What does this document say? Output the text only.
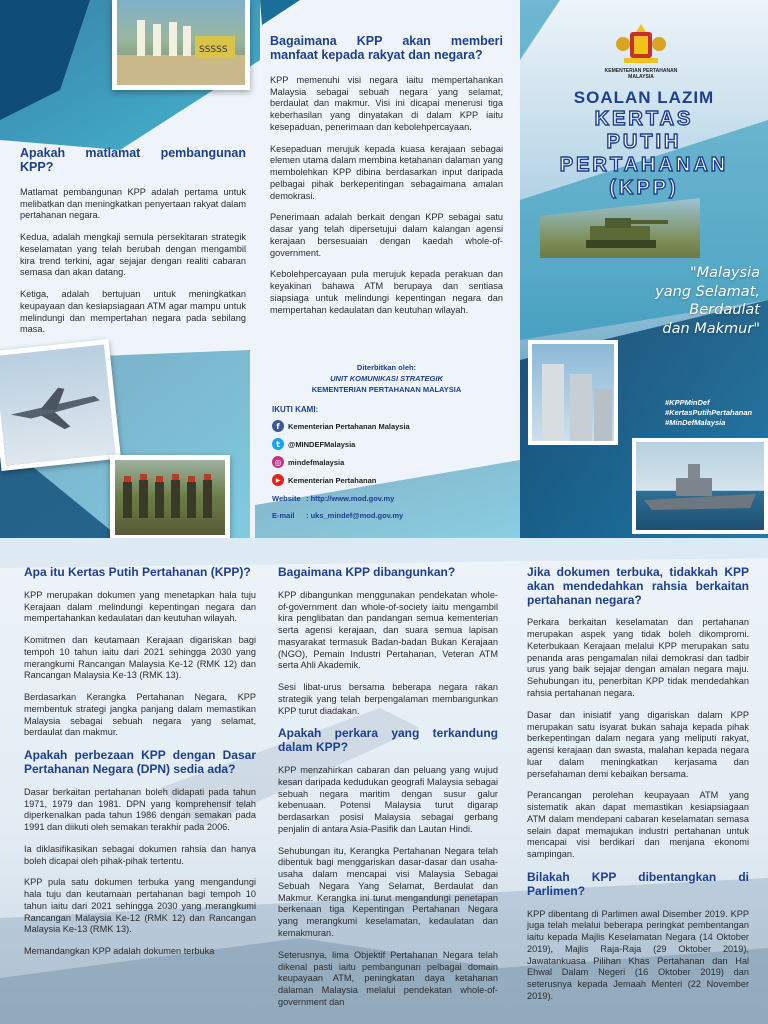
SSSSS
Apakah matlamat pembangunan KPP?

Matlamat pembangunan KPP adalah pertama untuk melibatkan dan meningkatkan penyertaan rakyat dalam pertahanan negara.

Kedua, adalah mengkaji semula persekitaran strategik keselamatan yang telah berubah dengan mengambil kira trend terkini, agar sejajar dengan realiti cabaran semasa dan akan datang.

Ketiga, adalah bertujuan untuk meningkatkan keupayaan dan kesiapsiagaan ATM agar mampu untuk melindungi dan mempertahan negara pada sebilang masa.

Bagaimana KPP akan memberi manfaat kepada rakyat dan negara?

KPP memenuhi visi negara iaitu mempertahankan Malaysia sebagai sebuah negara yang selamat, berdaulat dan makmur. Visi ini dicapai menerusi tiga keberhasilan yang dinyatakan di dalam KPP iaitu kesepaduan, penerimaan dan kebolehpercayaan.

Kesepaduan merujuk kepada kuasa kerajaan sebagai elemen utama dalam membina ketahanan dalaman yang membolehkan KPP dibina berdasarkan input daripada pelbagai pihak berkepentingan sebagaimana amalan demokrasi.

Penerimaan adalah berkait dengan KPP sebagai satu dasar yang telah dipersetujui dalam kalangan agensi kerajaan bersesuaian dengan kaedah whole-of-government.

Kebolehpercayaan pula merujuk kepada perakuan dan keyakinan bahawa ATM berupaya dan sentiasa siapsiaga untuk melindungi kepentingan negara dan mempertahan kedaulatan dan keutuhan wilayah.

Diterbitkan oleh:
UNIT KOMUNIKASI STRATEGIK
KEMENTERIAN PERTAHANAN MALAYSIA
IKUTI KAMI:
f	Kementerian Pertahanan Malaysia
t	@MINDEFMalaysia
◎ mindefmalaysia
▶	Kementerian Pertahanan
Website : http://www.mod.gov.my
E-mail : uks_mindef@mod.gov.my
KEMENTERIAN PERTAHANAN MALAYSIA
SOALAN LAZIM
KERTAS
PUTIH
PERTAHANAN
(KPP)
"Malaysia
yang Selamat,
Berdaulat
dan Makmur"
#KPPMinDef
#KertasPutihPertahanan
#MinDefMalaysia
Apa itu Kertas Putih Pertahanan (KPP)?

KPP merupakan dokumen yang menetapkan hala tuju Kerajaan dalam melindungi kepentingan negara dan mempertahankan kedaulatan dan keutuhan wilayah.

Komitmen dan keutamaan Kerajaan digariskan bagi tempoh 10 tahun iaitu dari 2021 sehingga 2030 yang merangkumi Rancangan Malaysia Ke-12 (RMK 12) dan Rancangan Malaysia Ke-13 (RMK 13).

Berdasarkan Kerangka Pertahanan Negara, KPP membentuk strategi jangka panjang dalam memastikan Malaysia sebagai sebuah negara yang selamat, berdaulat dan makmur.

Apakah perbezaan KPP dengan Dasar Pertahanan Negara (DPN) sedia ada?

Dasar berkaitan pertahanan boleh didapati pada tahun 1971, 1979 dan 1981. DPN yang komprehensif telah diperkenalkan pada tahun 1986 dengan semakan pada 1991 dan diikuti oleh semakan terakhir pada 2006.

Ia diklasifikasikan sebagai dokumen rahsia dan hanya boleh dicapai oleh pihak-pihak tertentu.

KPP pula satu dokumen terbuka yang mengandungi hala tuju dan keutamaan pertahanan bagi tempoh 10 tahun iaitu dari 2021 sehingga 2030 yang merangkumi Rancangan Malaysia Ke-12 (RMK 12) dan Rancangan Malaysia Ke-13 (RMK 13).

Memandangkan KPP adalah dokumen terbuka

Bagaimana KPP dibangunkan?

KPP dibangunkan menggunakan pendekatan whole-of-government dan whole-of-society iaitu mengambil kira penglibatan dan pandangan semua kementerian serta agensi kerajaan, dan suara semua lapisan masyarakat termasuk Badan-badan Bukan Kerajaan (NGO), Pemain Industri Pertahanan, Veteran ATM serta Ahli Akademik.

Sesi libat-urus bersama beberapa negara rakan strategik yang telah berpengalaman membangunkan KPP turut diadakan.

Apakah perkara yang terkandung dalam KPP?

KPP menzahirkan cabaran dan peluang yang wujud kesan daripada kedudukan geografi Malaysia sebagai sebuah negara maritim dengan susur galur kebenuaan. Potensi Malaysia turut digarap berdasarkan posisi Malaysia sebagai gerbang penjalin di antara Asia-Pasifik dan Lautan Hindi.

Sehubungan itu, Kerangka Pertahanan Negara telah dibentuk bagi menggariskan dasar-dasar dan usaha-usaha dalam mencapai visi Malaysia Sebagai Sebuah Negara Yang Selamat, Berdaulat dan Makmur. Kerangka ini turut mengandungi penetapan berkenaan tiga Kepentingan Pertahanan Negara yang merangkumi keselamatan, kedaulatan dan kemakmuran.

Seterusnya, lima Objektif Pertahanan Negara telah dikenal pasti iaitu pembangunan pelbagai domain keupayaan ATM, peningkatan daya ketahanan dalaman Malaysia melalui pendekatan whole-of-government dan

Jika dokumen terbuka, tidakkah KPP akan mendedahkan rahsia berkaitan pertahanan negara?

Perkara berkaitan keselamatan dan pertahanan merupakan aspek yang tidak boleh dikompromi. Keterbukaan Kerajaan melalui KPP merupakan satu penanda aras pengamalan nilai demokrasi dan tadbir urus yang baik sejajar dengan amalan negara maju. Sehubungan itu, penerbitan KPP tidak mendedahkan rahsia pertahanan negara.

Dasar dan inisiatif yang digariskan dalam KPP merupakan satu isyarat bukan sahaja kepada pihak berkepentingan dalam negara yang meliputi rakyat, agensi kerajaan dan swasta, malahan kepada negara luar dalam meningkatkan kerjasama dan persefahaman demi kebaikan bersama.

Perancangan perolehan keupayaan ATM yang sistematik akan dapat memastikan kesiapsiagaan ATM dalam mendepani cabaran keselamatan semasa selain dapat memajukan industri pertahanan untuk mencapai visi berdikari dan menjana ekonomi sampingan.

Bilakah KPP dibentangkan di Parlimen?

KPP dibentang di Parlimen awal Disember 2019. KPP juga telah melalui beberapa peringkat pembentangan iaitu kepada Majlis Keselamatan Negara (14 Oktober 2019), Majlis Raja-Raja (29 Oktober 2019), Jawatankuasa Pilihan Khas Pertahanan dan Hal Ehwal Dalam Negeri (16 Oktober 2019) dan seterusnya kepada Jemaah Menteri (22 November 2019).
